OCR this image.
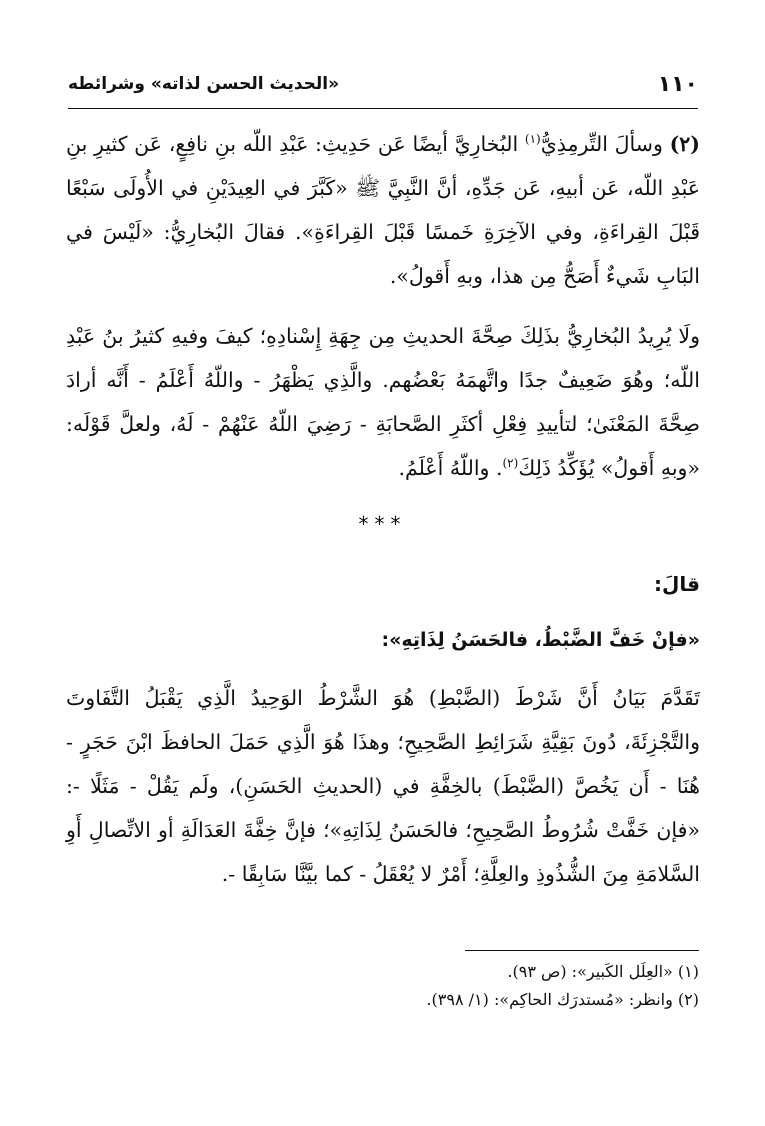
١١٠
«الحديث الحسن لذاته» وشرائطه

(٢) وسألَ التِّرمِذِيُّ$^{(١)}$ البُخارِيَّ أيضًا عَن حَدِيثِ: عَبْدِ اللّه بنِ نافِعٍ، عَن كثيرِ بنِ عَبْدِ اللّه، عَن أبيهِ، عَن جَدِّهِ، أنَّ النَّبِيَّ ﷺ «كَبَّرَ في العِيدَيْنِ في الأُولَى سَبْعًا قَبْلَ القِراءَةِ، وفي الآخِرَةِ خَمسًا قَبْلَ القِراءَةِ». فقالَ البُخارِيُّ: «لَيْسَ في البَابِ شَيءٌ أَصَحُّ مِن هذا، وبهِ أَقولُ».

ولَا يُرِيدُ البُخارِيُّ بذَلِكَ صِحَّةَ الحديثِ مِن جِهَةِ إِسْنادِهِ؛ كيفَ وفيهِ كثيرُ بنُ عَبْدِ اللّه؛ وهُوَ ضَعِيفٌ جدًا واتَّهمَهُ بَعْضُهم. والَّذِي يَظْهَرُ - واللّهُ أَعْلَمُ - أَنَّه أرادَ صِحَّةَ المَعْنَىٰ؛ لتأييدِ فِعْلِ أكثَرِ الصَّحابَةِ - رَضِيَ اللّهُ عَنْهُمْ - لَهُ، ولعلَّ قَوْلَه: «وبهِ أَقولُ» يُؤَكِّدُ ذَلِكَ$^{(٢)}$. واللّهُ أَعْلَمُ.

***

قالَ:

«فإنْ خَفَّ الضَّبْطُ، فالحَسَنُ لِذَاتِهِ»:

تَقَدَّمَ بَيَانُ أَنَّ شَرْطَ (الضَّبْطِ) هُوَ الشَّرْطُ الوَحِيدُ الَّذِي يَقْبَلُ التَّفَاوتَ والتَّجْزِئَةَ، دُونَ بَقِيَّةِ شَرَائِطِ الصَّحِيحِ؛ وهذَا هُوَ الَّذِي حَمَلَ الحافظَ ابْنَ حَجَرٍ - هُنَا - أَن يَخُصَّ (الضَّبْطَ) بالخِفَّةِ في (الحديثِ الحَسَنِ)، ولَم يَقُلْ - مَثَلًا -: «فإن خَفَّتْ شُرُوطُ الصَّحِيحِ؛ فالحَسَنُ لِذَاتِهِ»؛ فإنَّ خِفَّةَ العَدَالَةِ أو الاتِّصالِ أَوِ السَّلامَةِ مِنَ الشُّذُوذِ والعِلَّةِ؛ أَمْرٌ لا يُعْقَلُ - كما بيَّنَّا سَابِقًا -.

(١) «العِلَل الكَبير»: (ص ٩٣).

(٢) وانظر: «مُستدرَك الحاكِم»: (١/ ٣٩٨).
